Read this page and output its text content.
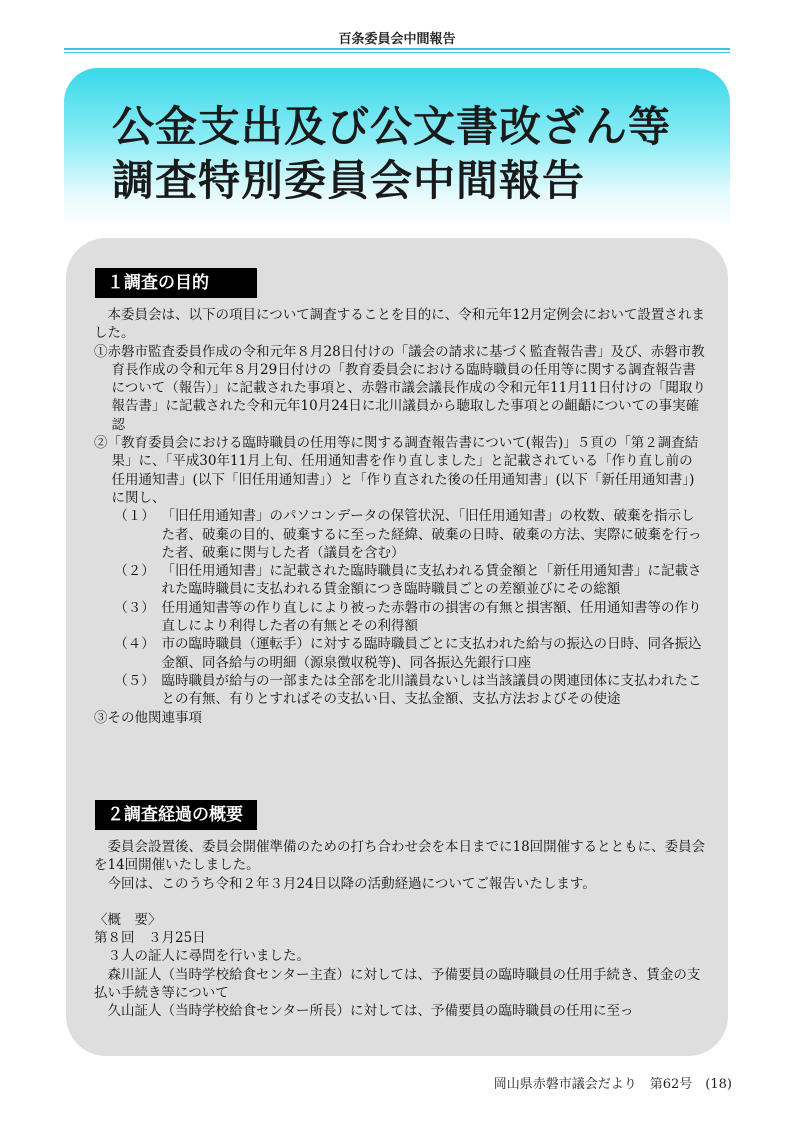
百条委員会中間報告
公金支出及び公文書改ざん等
調査特別委員会中間報告
１調査の目的

本委員会は、以下の項目について調査することを目的に、令和元年12月定例会において設置されました。

①赤磐市監査委員作成の令和元年８月28日付けの「議会の請求に基づく監査報告書」及び、赤磐市教育長作成の令和元年８月29日付けの「教育委員会における臨時職員の任用等に関する調査報告書について（報告）」に記載された事項と、赤磐市議会議長作成の令和元年11月11日付けの「聞取り報告書」に記載された令和元年10月24日に北川議員から聴取した事項との齟齬についての事実確認

②「教育委員会における臨時職員の任用等に関する調査報告書について(報告)」５頁の「第２調査結果」に、「平成30年11月上旬、任用通知書を作り直しました」と記載されている「作り直し前の任用通知書」(以下「旧任用通知書」）と「作り直された後の任用通知書」(以下「新任用通知書」)に関し、

（１） 「旧任用通知書」のパソコンデータの保管状況、「旧任用通知書」の枚数、破棄を指示した者、破棄の目的、破棄するに至った経緯、破棄の日時、破棄の方法、実際に破棄を行った者、破棄に関与した者（議員を含む）
（２） 「旧任用通知書」に記載された臨時職員に支払われる賃金額と「新任用通知書」に記載された臨時職員に支払われる賃金額につき臨時職員ごとの差額並びにその総額
（３） 任用通知書等の作り直しにより被った赤磐市の損害の有無と損害額、任用通知書等の作り直しにより利得した者の有無とその利得額
（４） 市の臨時職員（運転手）に対する臨時職員ごとに支払われた給与の振込の日時、同各振込金額、同各給与の明細（源泉徴収税等)、同各振込先銀行口座
（５） 臨時職員が給与の一部または全部を北川議員ないしは当該議員の関連団体に支払われたことの有無、有りとすればその支払い日、支払金額、支払方法およびその使途

③その他関連事項

２調査経過の概要

委員会設置後、委員会開催準備のための打ち合わせ会を本日までに18回開催するとともに、委員会を14回開催いたしました。

今回は、このうち令和２年３月24日以降の活動経過についてご報告いたします。

〈概　要〉

第８回　３月25日

３人の証人に尋問を行いました。

森川証人（当時学校給食センター主査）に対しては、予備要員の臨時職員の任用手続き、賃金の支払い手続き等について

久山証人（当時学校給食センター所長）に対しては、予備要員の臨時職員の任用に至っ

岡山県赤磐市議会だより　第62号　(18)
